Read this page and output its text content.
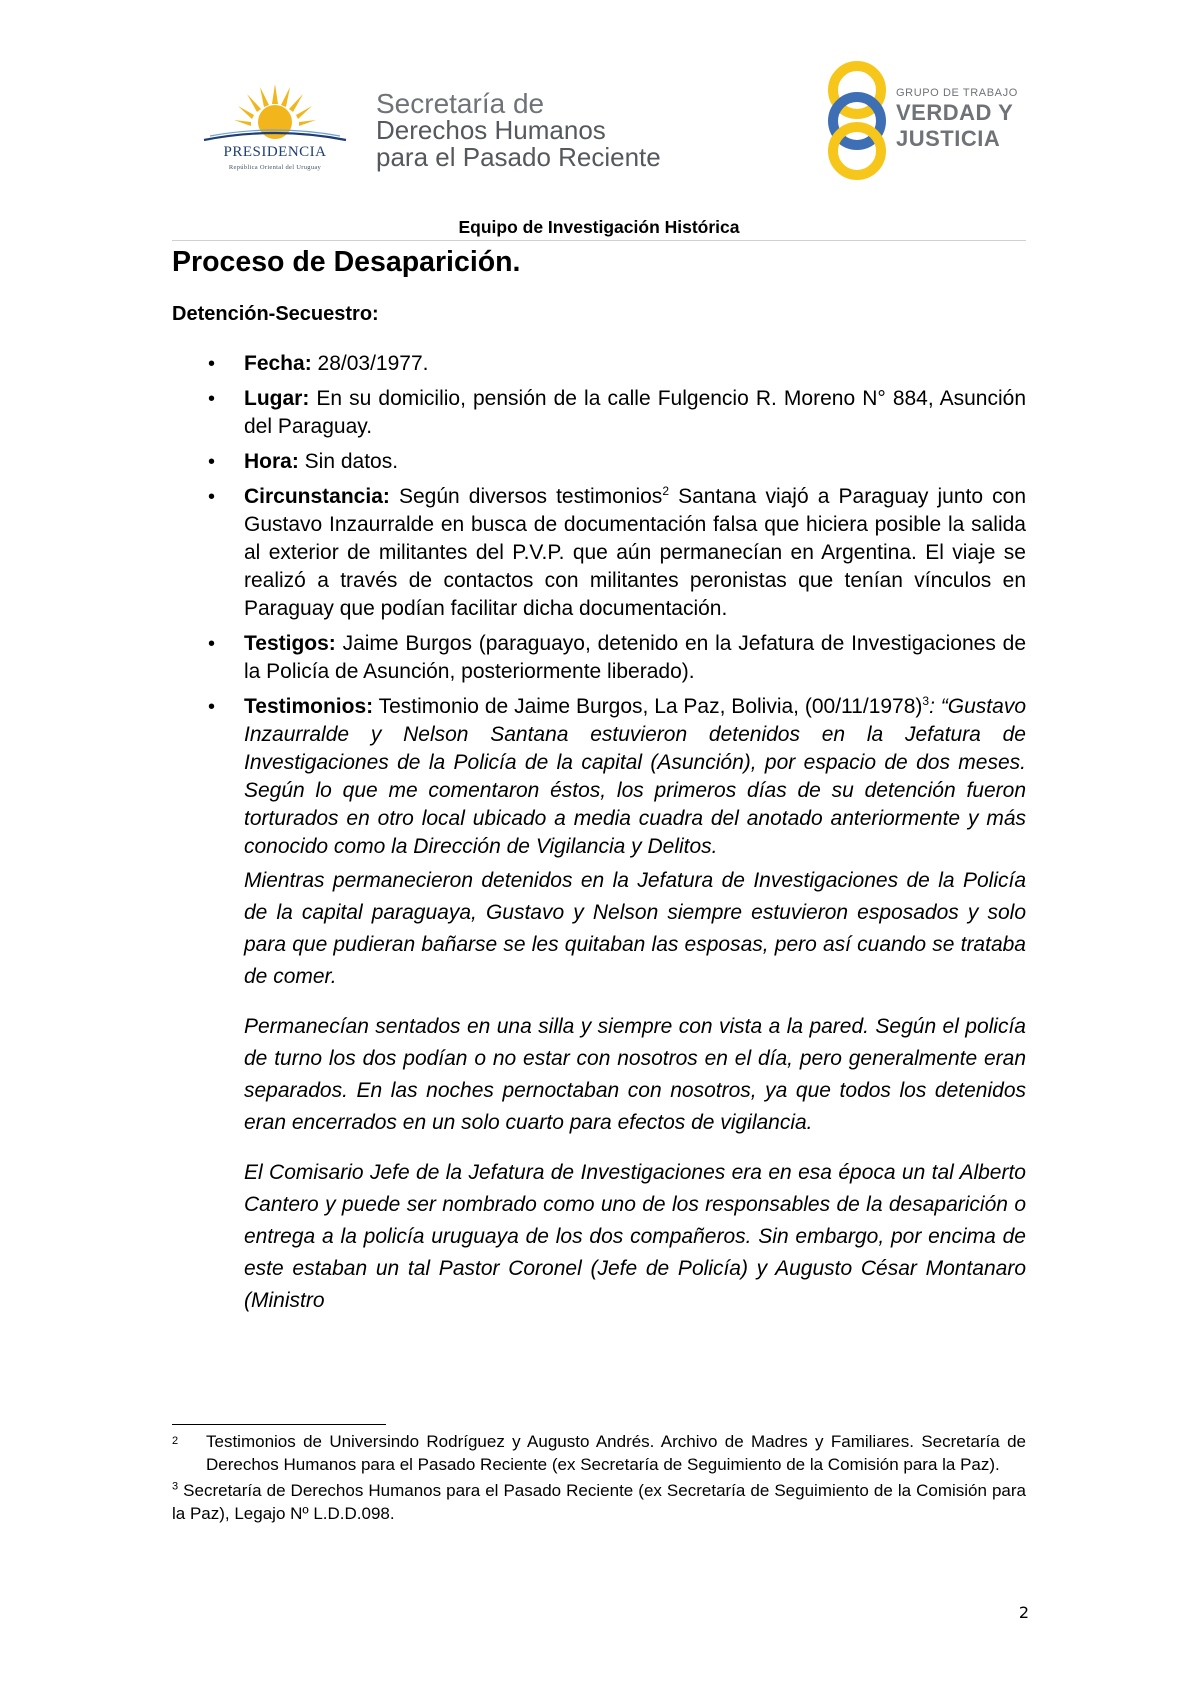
PRESIDENCIA
República Oriental del Uruguay
Secretaría de
Derechos Humanos
para el Pasado Reciente
GRUPO DE TRABAJO
VERDAD Y
JUSTICIA
Equipo de Investigación Histórica
Proceso de Desaparición.
Detención-Secuestro:
• Fecha: 28/03/1977.
• Lugar: En su domicilio, pensión de la calle Fulgencio R. Moreno N° 884, Asunción del Paraguay.
• Hora: Sin datos.
• Circunstancia: Según diversos testimonios$^2$ Santana viajó a Paraguay junto con Gustavo Inzaurralde en busca de documentación falsa que hiciera posible la salida al exterior de militantes del P.V.P. que aún permanecían en Argentina. El viaje se realizó a través de contactos con militantes peronistas que tenían vínculos en Paraguay que podían facilitar dicha documentación.
• Testigos: Jaime Burgos (paraguayo, detenido en la Jefatura de Investigaciones de la Policía de Asunción, posteriormente liberado).
• Testimonios: Testimonio de Jaime Burgos, La Paz, Bolivia, $(00/11/1978)^3$: “Gustavo Inzaurralde y Nelson Santana estuvieron detenidos en la Jefatura de Investigaciones de la Policía de la capital (Asunción), por espacio de dos meses. Según lo que me comentaron éstos, los primeros días de su detención fueron torturados en otro local ubicado a media cuadra del anotado anteriormente y más conocido como la Dirección de Vigilancia y Delitos.

Mientras permanecieron detenidos en la Jefatura de Investigaciones de la Policía de la capital paraguaya, Gustavo y Nelson siempre estuvieron esposados y solo para que pudieran bañarse se les quitaban las esposas, pero así cuando se trataba de comer.

Permanecían sentados en una silla y siempre con vista a la pared. Según el policía de turno los dos podían o no estar con nosotros en el día, pero generalmente eran separados. En las noches pernoctaban con nosotros, ya que todos los detenidos eran encerrados en un solo cuarto para efectos de vigilancia.

El Comisario Jefe de la Jefatura de Investigaciones era en esa época un tal Alberto Cantero y puede ser nombrado como uno de los responsables de la desaparición o entrega a la policía uruguaya de los dos compañeros. Sin embargo, por encima de este estaban un tal Pastor Coronel (Jefe de Policía) y Augusto César Montanaro (Ministro

2 Testimonios de Universindo Rodríguez y Augusto Andrés. Archivo de Madres y Familiares. Secretaría de Derechos Humanos para el Pasado Reciente (ex Secretaría de Seguimiento de la Comisión para la Paz).

$^3$ Secretaría de Derechos Humanos para el Pasado Reciente (ex Secretaría de Seguimiento de la Comisión para la Paz), Legajo Nº L.D.D.098.

2
